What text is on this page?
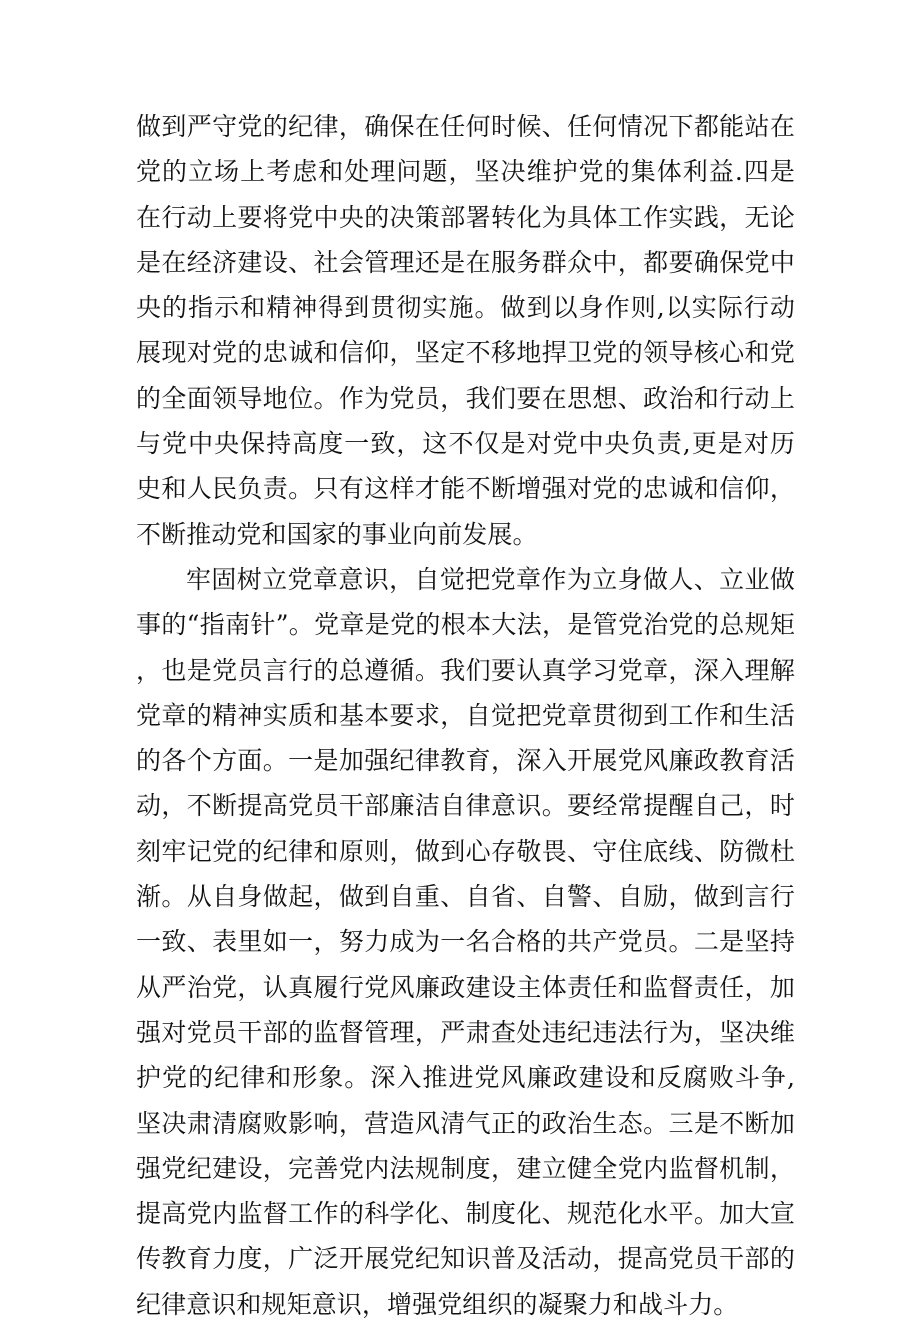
做到严守党的纪律，确保在任何时候、任何情况下都能站在党的立场上考虑和处理问题，坚决维护党的集体利益.四是在行动上要将党中央的决策部署转化为具体工作实践，无论是在经济建设、社会管理还是在服务群众中，都要确保党中央的指示和精神得到贯彻实施。做到以身作则,以实际行动展现对党的忠诚和信仰，坚定不移地捍卫党的领导核心和党的全面领导地位。作为党员，我们要在思想、政治和行动上与党中央保持高度一致，这不仅是对党中央负责,更是对历史和人民负责。只有这样才能不断增强对党的忠诚和信仰，不断推动党和国家的事业向前发展。

牢固树立党章意识，自觉把党章作为立身做人、立业做事的“指南针”。党章是党的根本大法，是管党治党的总规矩，也是党员言行的总遵循。我们要认真学习党章，深入理解党章的精神实质和基本要求，自觉把党章贯彻到工作和生活的各个方面。一是加强纪律教育，深入开展党风廉政教育活动，不断提高党员干部廉洁自律意识。要经常提醒自己，时刻牢记党的纪律和原则，做到心存敬畏、守住底线、防微杜渐。从自身做起，做到自重、自省、自警、自励，做到言行一致、表里如一，努力成为一名合格的共产党员。二是坚持从严治党，认真履行党风廉政建设主体责任和监督责任，加强对党员干部的监督管理，严肃查处违纪违法行为，坚决维护党的纪律和形象。深入推进党风廉政建设和反腐败斗争,坚决肃清腐败影响，营造风清气正的政治生态。三是不断加强党纪建设，完善党内法规制度，建立健全党内监督机制，提高党内监督工作的科学化、制度化、规范化水平。加大宣传教育力度，广泛开展党纪知识普及活动，提高党员干部的纪律意识和规矩意识，增强党组织的凝聚力和战斗力。
